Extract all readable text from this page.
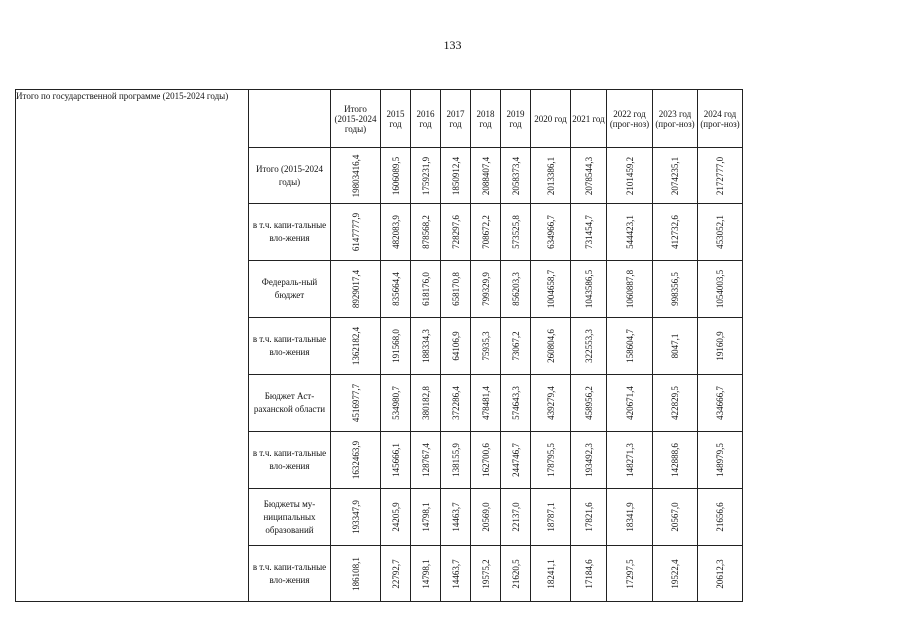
133
Итого по государственной программе (2015-2024 годы)		Итого (2015-2024 годы)	2015 год	2016 год	2017 год	2018 год	2019 год	2020 год	2021 год	2022 год (прог-ноз)	2023 год (прог-ноз)	2024 год (прог-ноз)
	Итого (2015-2024 годы)	19803416,4	1606089,5	1759231,9	1850912,4	2088407,4	2058373,4	2013386,1	2078544,3	2101459,2	2074235,1	2172777,0

	в т.ч. капи-тальные вло-жения	6147777,9	482083,9	878568,2	728297,6	708672,2	573525,8	634966,7	731454,7	544423,1	412732,6	453052,1

	Федераль-ный бюджет	8929017,4	835664,4	618176,0	658170,8	799329,9	856203,3	1004658,7	1043586,5	1060887,8	998356,5	1054003,5

	в т.ч. капи-тальные вло-жения	1362182,4	191568,0	188334,3	64106,9	75935,3	73067,2	260804,6	322553,3	158604,7	8047,1	19160,9

	Бюджет Аст-раханской области	4516977,7	534980,7	380182,8	372286,4	478481,4	574643,3	439279,4	458956,2	420671,4	422829,5	434666,7

	в т.ч. капи-тальные вло-жения	1632463,9	145666,1	128767,4	138155,9	162700,6	244746,7	178795,5	193492,3	148271,3	142888,6	148979,5

	Бюджеты му-ниципальных образований	193347,9	24205,9	14798,1	14463,7	20569,0	22137,0	18787,1	17821,6	18341,9	20567,0	21656,6

	в т.ч. капи-тальные вло-жения	186108,1	22792,7	14798,1	14463,7	19575,2	21620,5	18241,1	17184,6	17297,5	19522,4	20612,3
